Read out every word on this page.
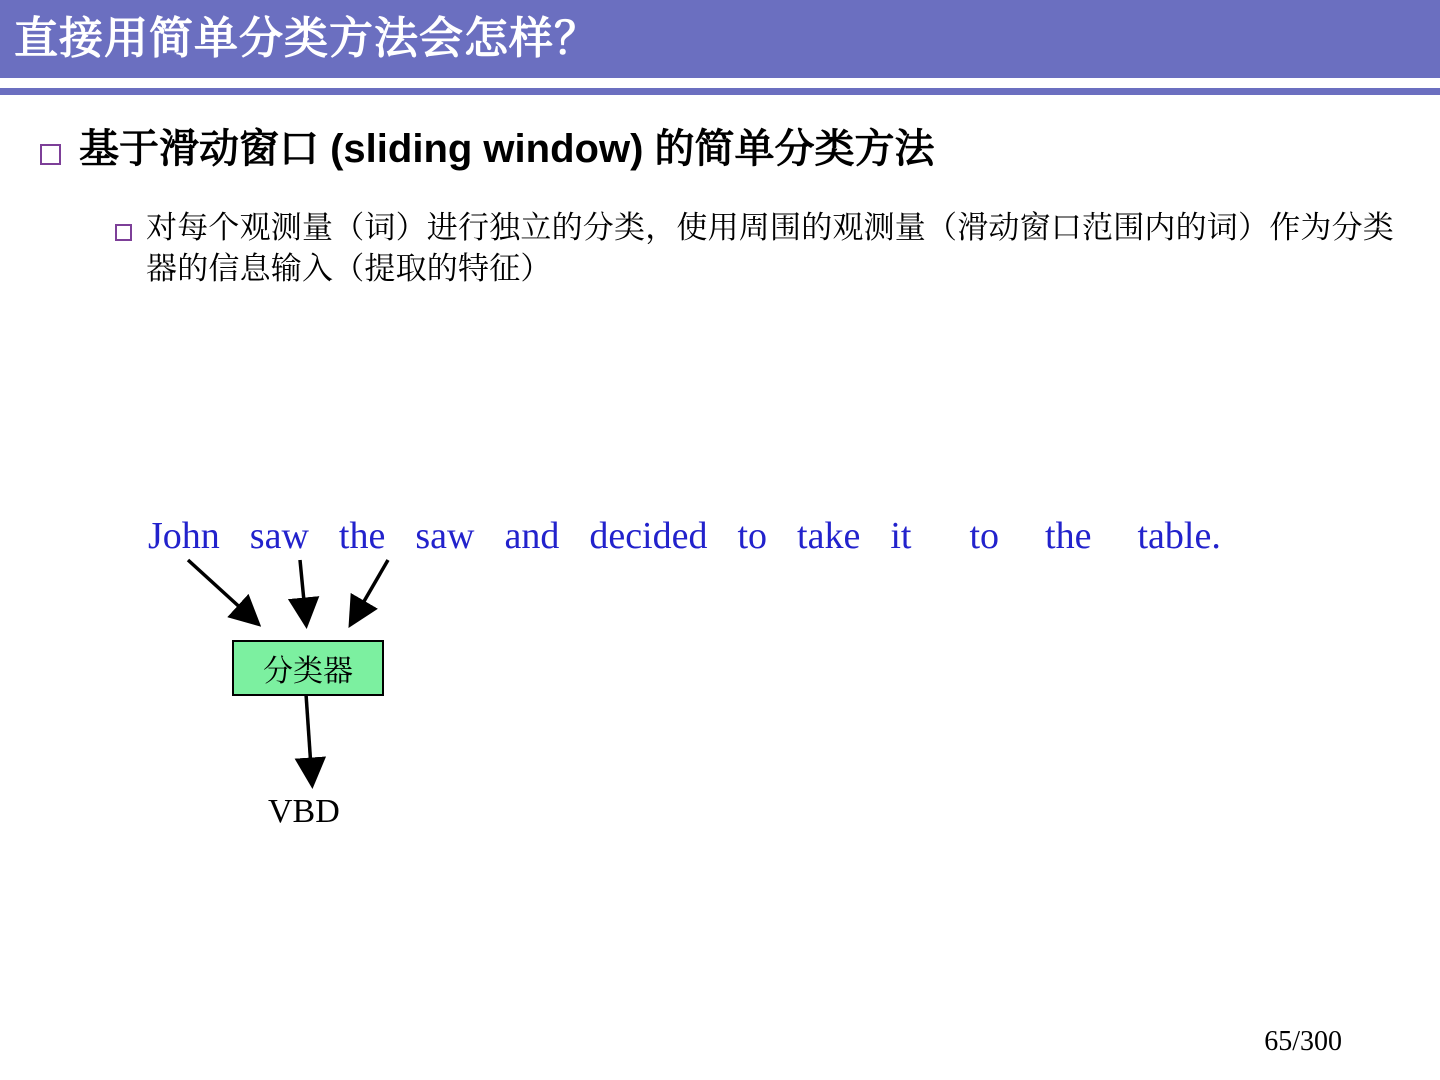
直接用简单分类方法会怎样？
基于滑动窗口 (sliding window) 的简单分类方法
对每个观测量（词）进行独立的分类，使用周围的观测量（滑动窗口范围内的词）作为分类器的信息输入（提取的特征）
John saw the saw and decided to take it to the table.
分类器
VBD
65/300
